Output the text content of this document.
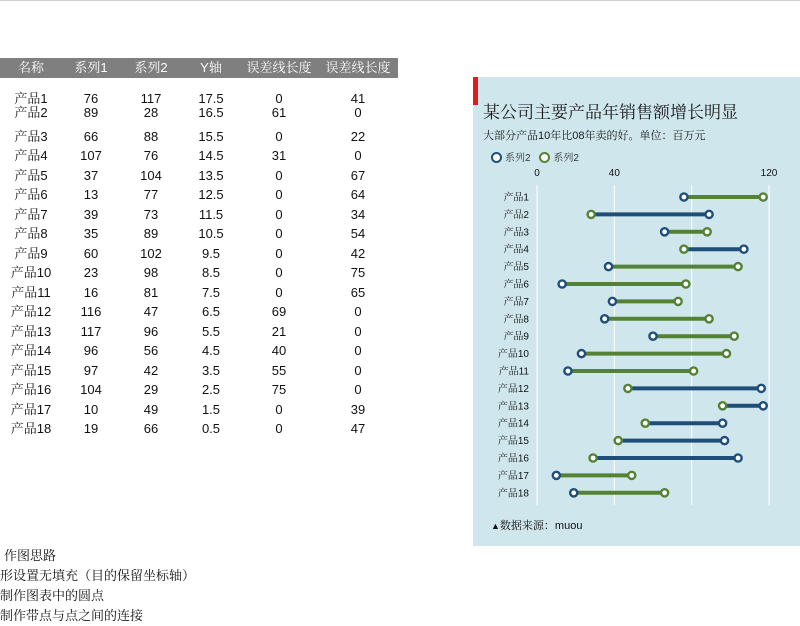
名称	系列1	系列2	Y轴	误差线长度	误差线长度
产品1	76	117	17.5	0	41
产品2	89	28	16.5	61	0
产品3	66	88	15.5	0	22
产品4	107	76	14.5	31	0
产品5	37	104	13.5	0	67
产品6	13	77	12.5	0	64
产品7	39	73	11.5	0	34
产品8	35	89	10.5	0	54
产品9	60	102	9.5	0	42
产品10	23	98	8.5	0	75
产品11	16	81	7.5	0	65
产品12	116	47	6.5	69	0
产品13	117	96	5.5	21	0
产品14	96	56	4.5	40	0
产品15	97	42	3.5	55	0
产品16	104	29	2.5	75	0
产品17	10	49	1.5	0	39
产品18	19	66	0.5	0	47
作图思路
形设置无填充（目的保留坐标轴）
制作图表中的圆点
制作带点与点之间的连接
0	40	120
产品1
产品2
产品3
产品4
产品5
产品6
产品7
产品8
产品9
产品10
产品11
产品12
产品13
产品14
产品15
产品16
产品17
产品18
某公司主要产品年销售额增长明显
大部分产品10年比08年卖的好。单位：百万元
系列2 系列2
▲数据来源：muou
